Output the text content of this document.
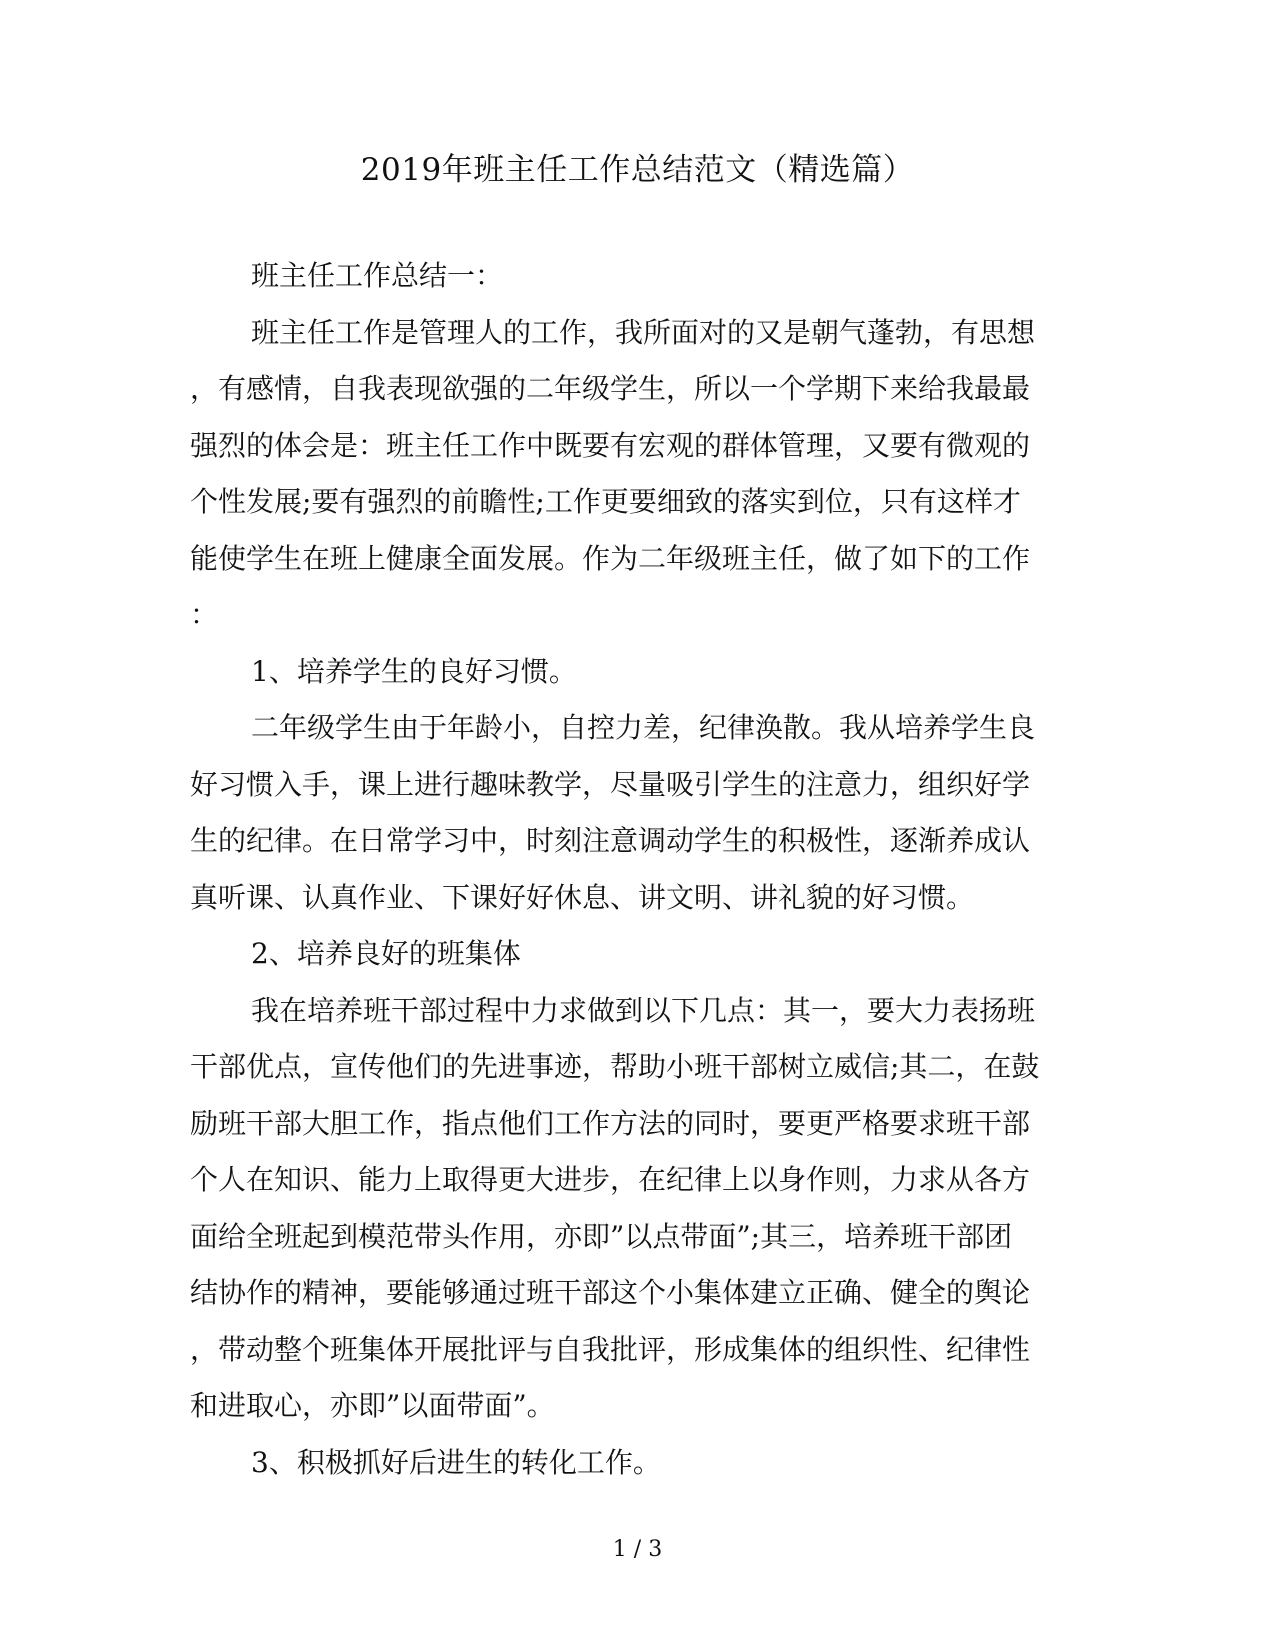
2019年班主任工作总结范文（精选篇）
班主任工作总结一：
班主任工作是管理人的工作，我所面对的又是朝气蓬勃，有思想
，有感情，自我表现欲强的二年级学生，所以一个学期下来给我最最
强烈的体会是：班主任工作中既要有宏观的群体管理，又要有微观的
个性发展;要有强烈的前瞻性;工作更要细致的落实到位，只有这样才
能使学生在班上健康全面发展。作为二年级班主任，做了如下的工作
：
1、培养学生的良好习惯。
二年级学生由于年龄小，自控力差，纪律涣散。我从培养学生良
好习惯入手，课上进行趣味教学，尽量吸引学生的注意力，组织好学
生的纪律。在日常学习中，时刻注意调动学生的积极性，逐渐养成认
真听课、认真作业、下课好好休息、讲文明、讲礼貌的好习惯。
2、培养良好的班集体
我在培养班干部过程中力求做到以下几点：其一，要大力表扬班
干部优点，宣传他们的先进事迹，帮助小班干部树立威信;其二，在鼓
励班干部大胆工作，指点他们工作方法的同时，要更严格要求班干部
个人在知识、能力上取得更大进步，在纪律上以身作则，力求从各方
面给全班起到模范带头作用，亦即”以点带面”;其三，培养班干部团
结协作的精神，要能够通过班干部这个小集体建立正确、健全的舆论
，带动整个班集体开展批评与自我批评，形成集体的组织性、纪律性
和进取心，亦即”以面带面”。
3、积极抓好后进生的转化工作。
1 / 3
